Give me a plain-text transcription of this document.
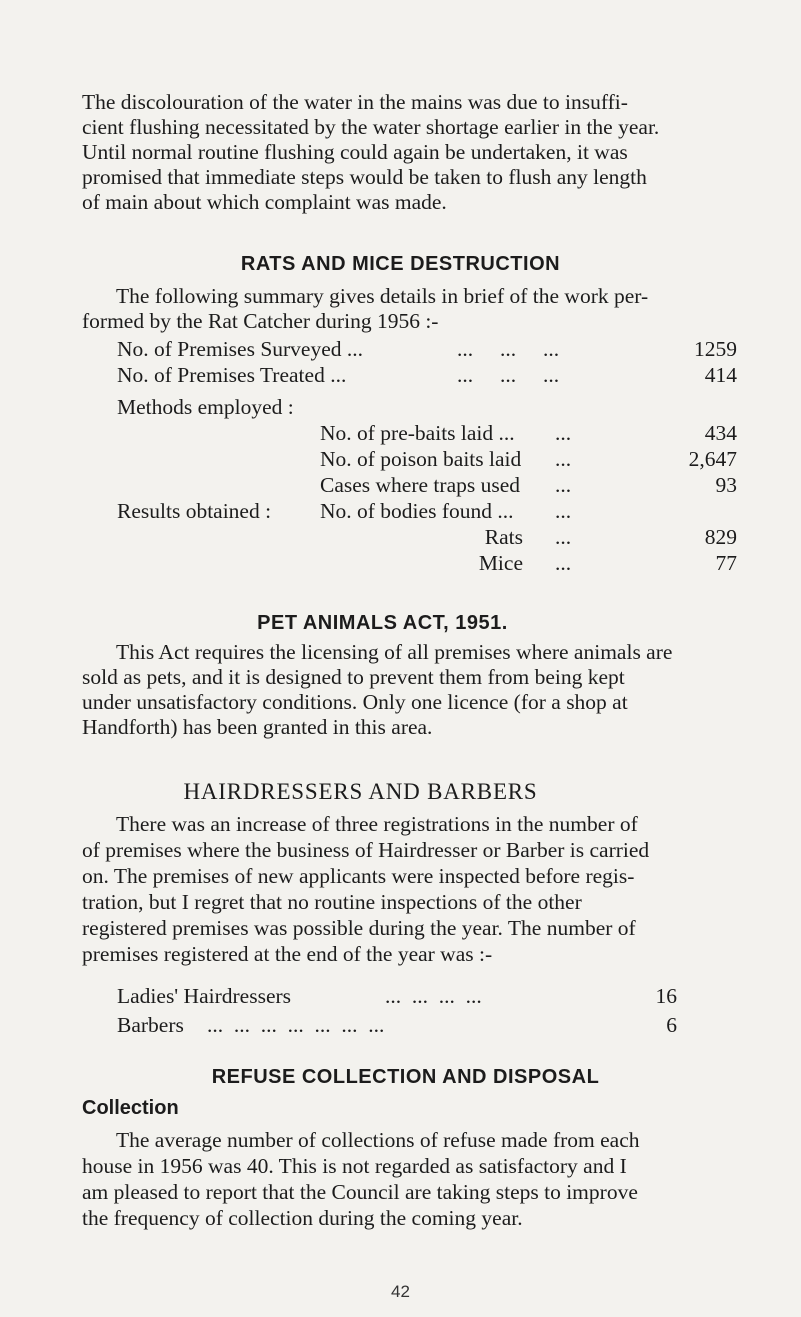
The discolouration of the water in the mains was due to insuffi-

cient flushing necessitated by the water shortage earlier in the year.

Until normal routine flushing could again be undertaken, it was

promised that immediate steps would be taken to flush any length

of main about which complaint was made.

RATS AND MICE DESTRUCTION

The following summary gives details in brief of the work per-

formed by the Rat Catcher during 1956 :-

No. of Premises Surveyed ...	...     ...     ...	1259
No. of Premises Treated ...	...     ...     ...	414
Methods employed :
No. of pre-baits laid ... ...	434
No. of poison baits laid ...	2,647
Cases where traps used ...	93
Results obtained : No. of bodies found ... ...
Rats ...	829
Mice ...	77
PET ANIMALS ACT, 1951.

This Act requires the licensing of all premises where animals are

sold as pets, and it is designed to prevent them from being kept

under unsatisfactory conditions. Only one licence (for a shop at

Handforth) has been granted in this area.

HAIRDRESSERS AND BARBERS

There was an increase of three registrations in the number of

of premises where the business of Hairdresser or Barber is carried

on. The premises of new applicants were inspected before regis-

tration, but I regret that no routine inspections of the other

registered premises was possible during the year. The number of

premises registered at the end of the year was :-

Ladies' Hairdressers	...  ...  ...  ...	16
Barbers ...  ...  ...  ...  ...  ...  ...	6
REFUSE COLLECTION AND DISPOSAL
Collection

The average number of collections of refuse made from each

house in 1956 was 40. This is not regarded as satisfactory and I

am pleased to report that the Council are taking steps to improve

the frequency of collection during the coming year.

42
